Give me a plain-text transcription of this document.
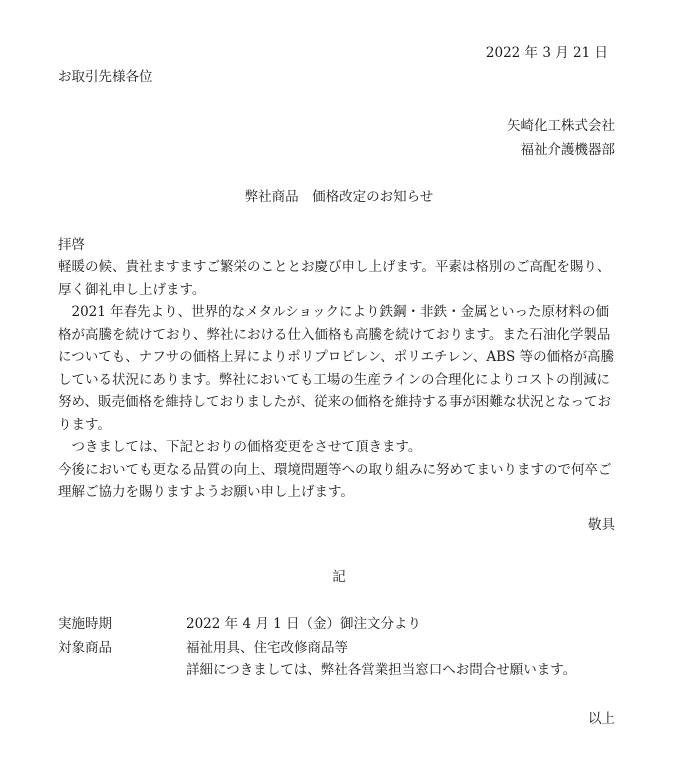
2022 年 3 月 21 日
お取引先様各位
矢崎化工株式会社
福祉介護機器部
弊社商品　価格改定のお知らせ
拝啓

軽暖の候、貴社ますますご繁栄のこととお慶び申し上げます。平素は格別のご高配を賜り、厚く御礼申し上げます。

2021 年春先より、世界的なメタルショックにより鉄鋼・非鉄・金属といった原材料の価格が高騰を続けており、弊社における仕入価格も高騰を続けております。また石油化学製品についても、ナフサの価格上昇によりポリプロピレン、ポリエチレン、ABS 等の価格が高騰している状況にあります。弊社においても工場の生産ラインの合理化によりコストの削減に努め、販売価格を維持しておりましたが、従来の価格を維持する事が困難な状況となっております。

つきましては、下記とおりの価格変更をさせて頂きます。

今後においても更なる品質の向上、環境問題等への取り組みに努めてまいりますので何卒ご理解ご協力を賜りますようお願い申し上げます。

敬具
記
実施時期	2022 年 4 月 1 日（金）御注文分より
対象商品	福祉用具、住宅改修商品等
詳細につきましては、弊社各営業担当窓口へお問合せ願います。
以上
